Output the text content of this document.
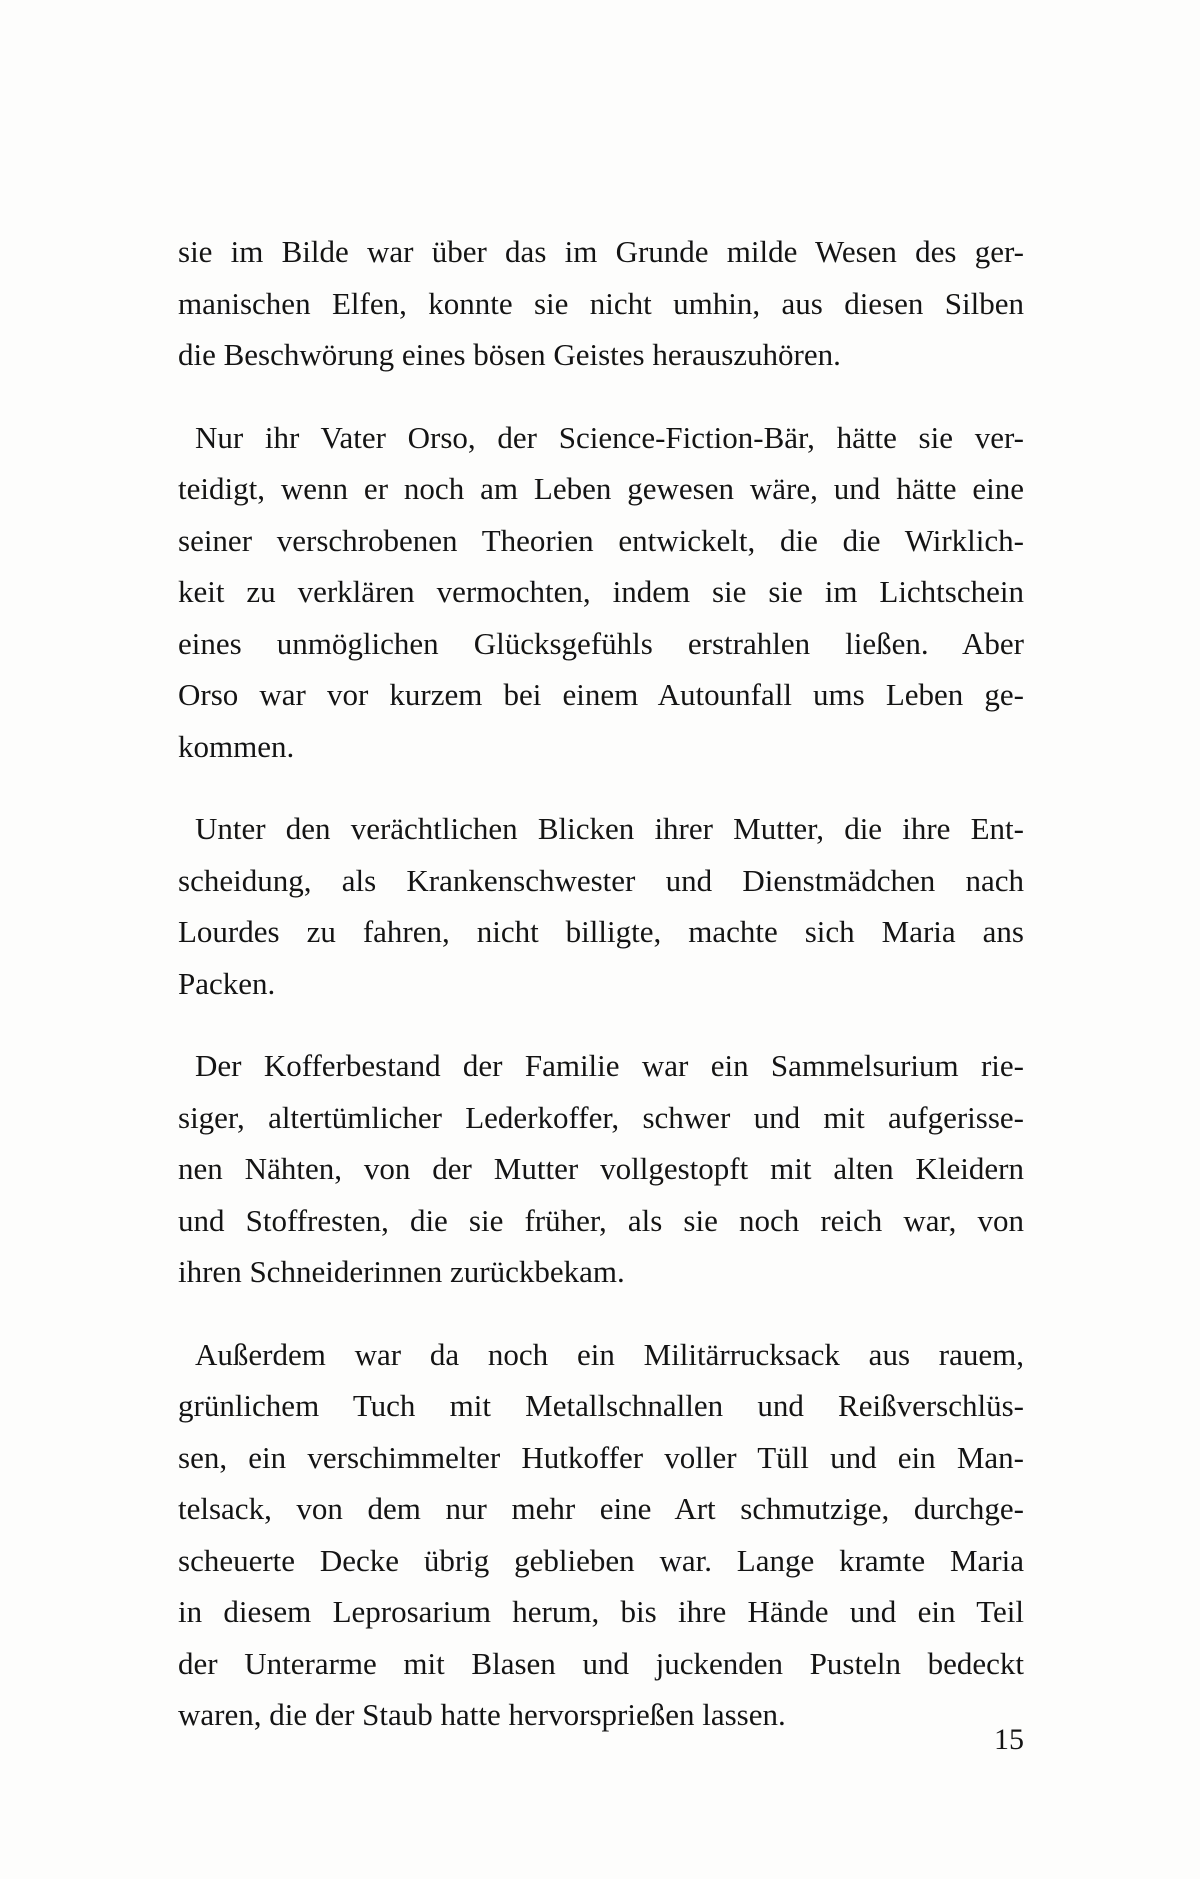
sie im Bilde war über das im Grunde milde Wesen des ger-
manischen Elfen, konnte sie nicht umhin, aus diesen Silben
die Beschwörung eines bösen Geistes herauszuhören.

Nur ihr Vater Orso, der Science-Fiction-Bär, hätte sie ver-
teidigt, wenn er noch am Leben gewesen wäre, und hätte eine
seiner verschrobenen Theorien entwickelt, die die Wirklich-
keit zu verklären vermochten, indem sie sie im Lichtschein
eines unmöglichen Glücksgefühls erstrahlen ließen. Aber
Orso war vor kurzem bei einem Autounfall ums Leben ge-
kommen.

Unter den verächtlichen Blicken ihrer Mutter, die ihre Ent-
scheidung, als Krankenschwester und Dienstmädchen nach
Lourdes zu fahren, nicht billigte, machte sich Maria ans
Packen.

Der Kofferbestand der Familie war ein Sammelsurium rie-
siger, altertümlicher Lederkoffer, schwer und mit aufgerisse-
nen Nähten, von der Mutter vollgestopft mit alten Kleidern
und Stoffresten, die sie früher, als sie noch reich war, von
ihren Schneiderinnen zurückbekam.

Außerdem war da noch ein Militärrucksack aus rauem,
grünlichem Tuch mit Metallschnallen und Reißverschlüs-
sen, ein verschimmelter Hutkoffer voller Tüll und ein Man-
telsack, von dem nur mehr eine Art schmutzige, durchge-
scheuerte Decke übrig geblieben war. Lange kramte Maria
in diesem Leprosarium herum, bis ihre Hände und ein Teil
der Unterarme mit Blasen und juckenden Pusteln bedeckt
waren, die der Staub hatte hervorsprießen lassen.

15
